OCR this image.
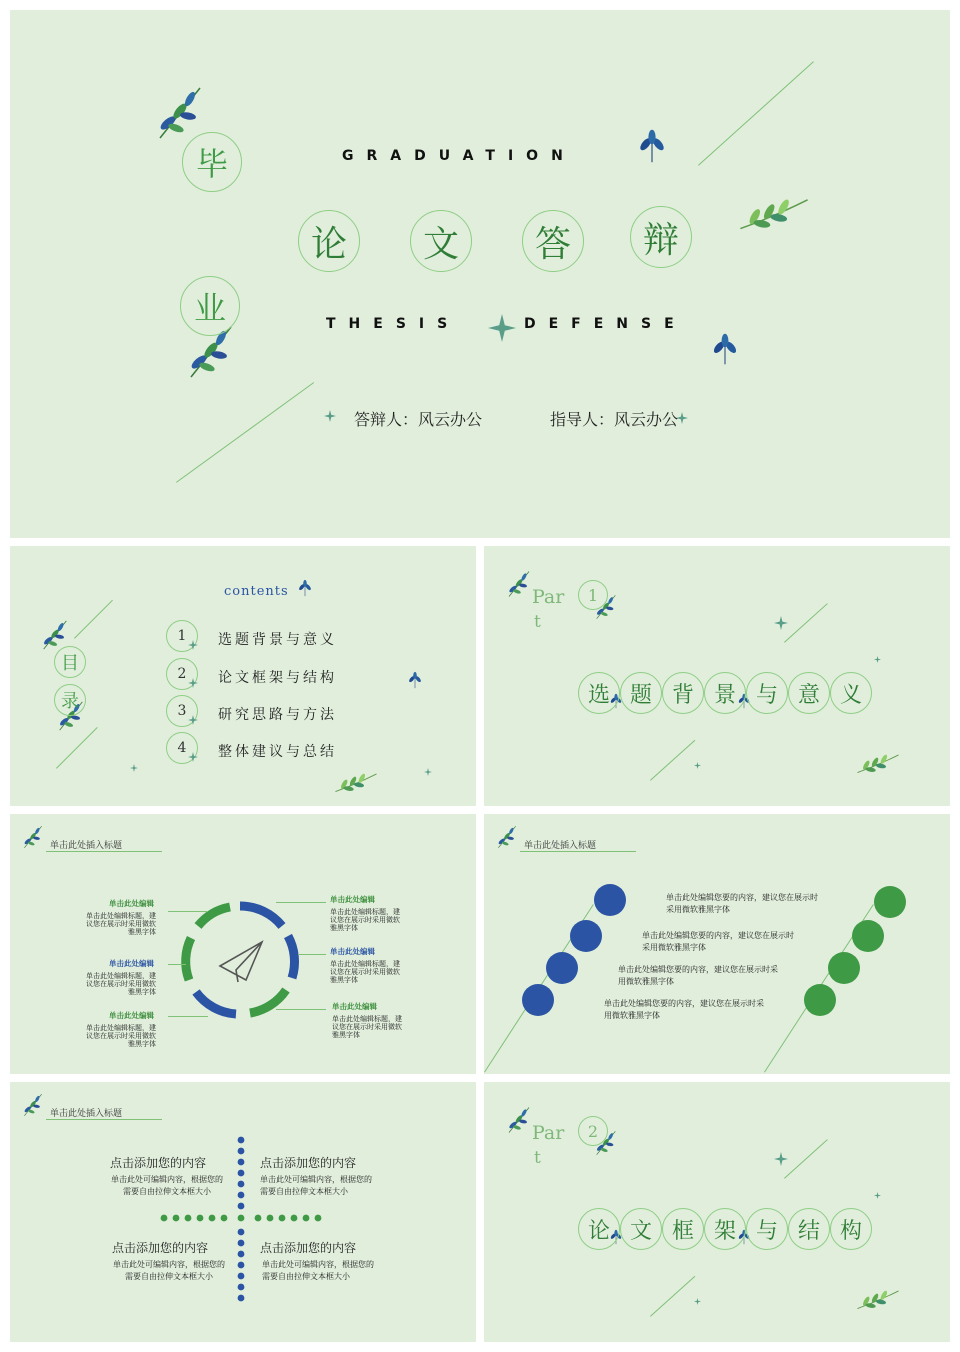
毕
业
GRADUATION
论	文	答	辩
THESIS	DEFENSE
答辩人：风云办公	指导人：风云办公
contents
目
录
1	选题背景与意义
2	论文框架与结构
3	研究思路与方法
4	整体建议与总结
Par
t
1
选 题 背 景 与 意 义
单击此处插入标题
单击此处编辑
单击此处编辑标题，建议您在展示时采用微软雅黑字体
单击此处编辑
单击此处编辑标题，建议您在展示时采用微软雅黑字体
单击此处编辑
单击此处编辑标题，建议您在展示时采用微软雅黑字体
单击此处编辑
单击此处编辑标题，建议您在展示时采用微软雅黑字体
单击此处编辑
单击此处编辑标题，建议您在展示时采用微软雅黑字体
单击此处编辑
单击此处编辑标题，建议您在展示时采用微软雅黑字体
单击此处插入标题
单击此处编辑您要的内容，建议您在展示时采用微软雅黑字体
单击此处编辑您要的内容，建议您在展示时采用微软雅黑字体
单击此处编辑您要的内容，建议您在展示时采用微软雅黑字体
单击此处编辑您要的内容，建议您在展示时采用微软雅黑字体
单击此处插入标题
点击添加您的内容
单击此处可编辑内容，根据您的需要自由拉伸文本框大小
点击添加您的内容
单击此处可编辑内容，根据您的需要自由拉伸文本框大小
点击添加您的内容
单击此处可编辑内容，根据您的需要自由拉伸文本框大小
点击添加您的内容
单击此处可编辑内容，根据您的需要自由拉伸文本框大小
Par
t
2
论 文 框 架 与 结 构
